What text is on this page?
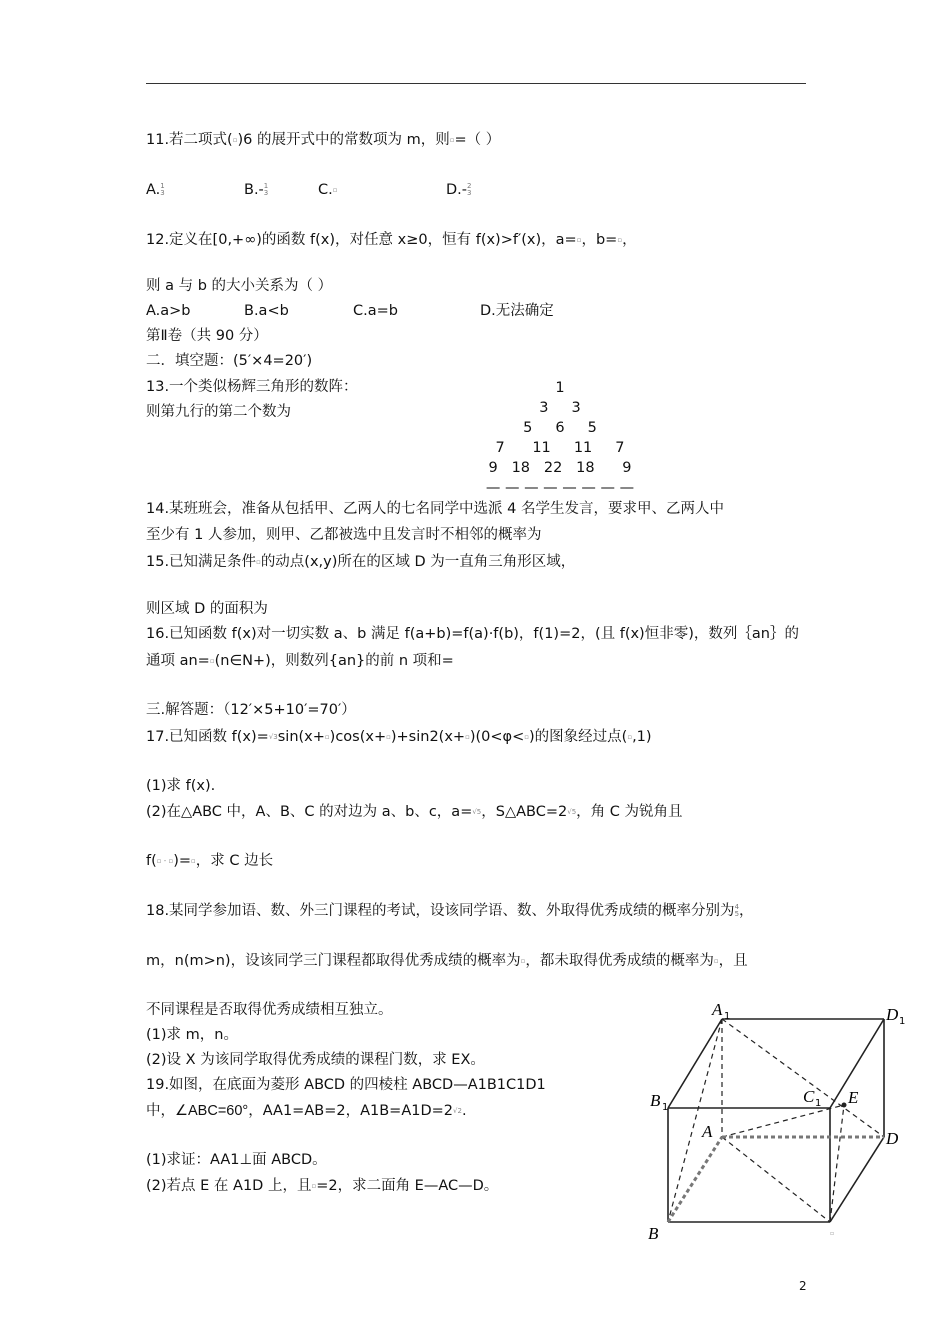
11.若二项式(▫)6 的展开式中的常数项为 m，则▫=（ ）
A. 1
3	B.- 1
3	C.▫	D.- 2
3
12.定义在[0,+∞)的函数 f(x)，对任意 x≥0，恒有 f(x)>f′(x)，a=▫，b=▫，
则 a 与 b 的大小关系为（ ）
A.a>b	B.a<b	C.a=b	D.无法确定
第Ⅱ卷（共 90 分）
二．填空题：(5′×4=20′)
13.一个类似杨辉三角形的数阵：
则第九行的第二个数为
1
3     3
5     6     5
7      11     11     7
9   18   22   18      9
— — — — — — — —
14.某班班会，准备从包括甲、乙两人的七名同学中选派 4 名学生发言，要求甲、乙两人中
至少有 1 人参加，则甲、乙都被选中且发言时不相邻的概率为
15.已知满足条件▫的动点(x,y)所在的区域 D 为一直角三角形区域，
则区域 D 的面积为
16.已知函数 f(x)对一切实数 a、b 满足 f(a+b)=f(a)·f(b)，f(1)=2，(且 f(x)恒非零)，数列｛an｝的
通项 an=▫(n∈N+)，则数列{an}的前 n 项和=
三.解答题：（12′×5+10′=70′）
17.已知函数 f(x)=√3sin(x+▫)cos(x+▫)+sin2(x+▫)(0<φ<▫)的图象经过点(▫,1)
(1)求 f(x).
(2)在△ABC 中，A、B、C 的对边为 a、b、c，a=√5，S△ABC=2√5，角 C 为锐角且
f(▫ - ▫)=▫，求 C 边长
18.某同学参加语、数、外三门课程的考试，设该同学语、数、外取得优秀成绩的概率分别为 4
5 ，
m，n(m>n)，设该同学三门课程都取得优秀成绩的概率为▫，都未取得优秀成绩的概率为▫，且
不同课程是否取得优秀成绩相互独立。
(1)求 m，n。
(2)设 X 为该同学取得优秀成绩的课程门数，求 EX。
19.如图，在底面为菱形 ABCD 的四棱柱 ABCD—A1B1C1D1
中，∠ABC=60°，AA1=AB=2，A1B=A1D=2√2.
(1)求证：AA1⊥面 ABCD。
(2)若点 E 在 A1D 上，且▫=2，求二面角 E—AC—D。
A 1	D 1
B 1
C 1 E
A	D
B	▫
2
